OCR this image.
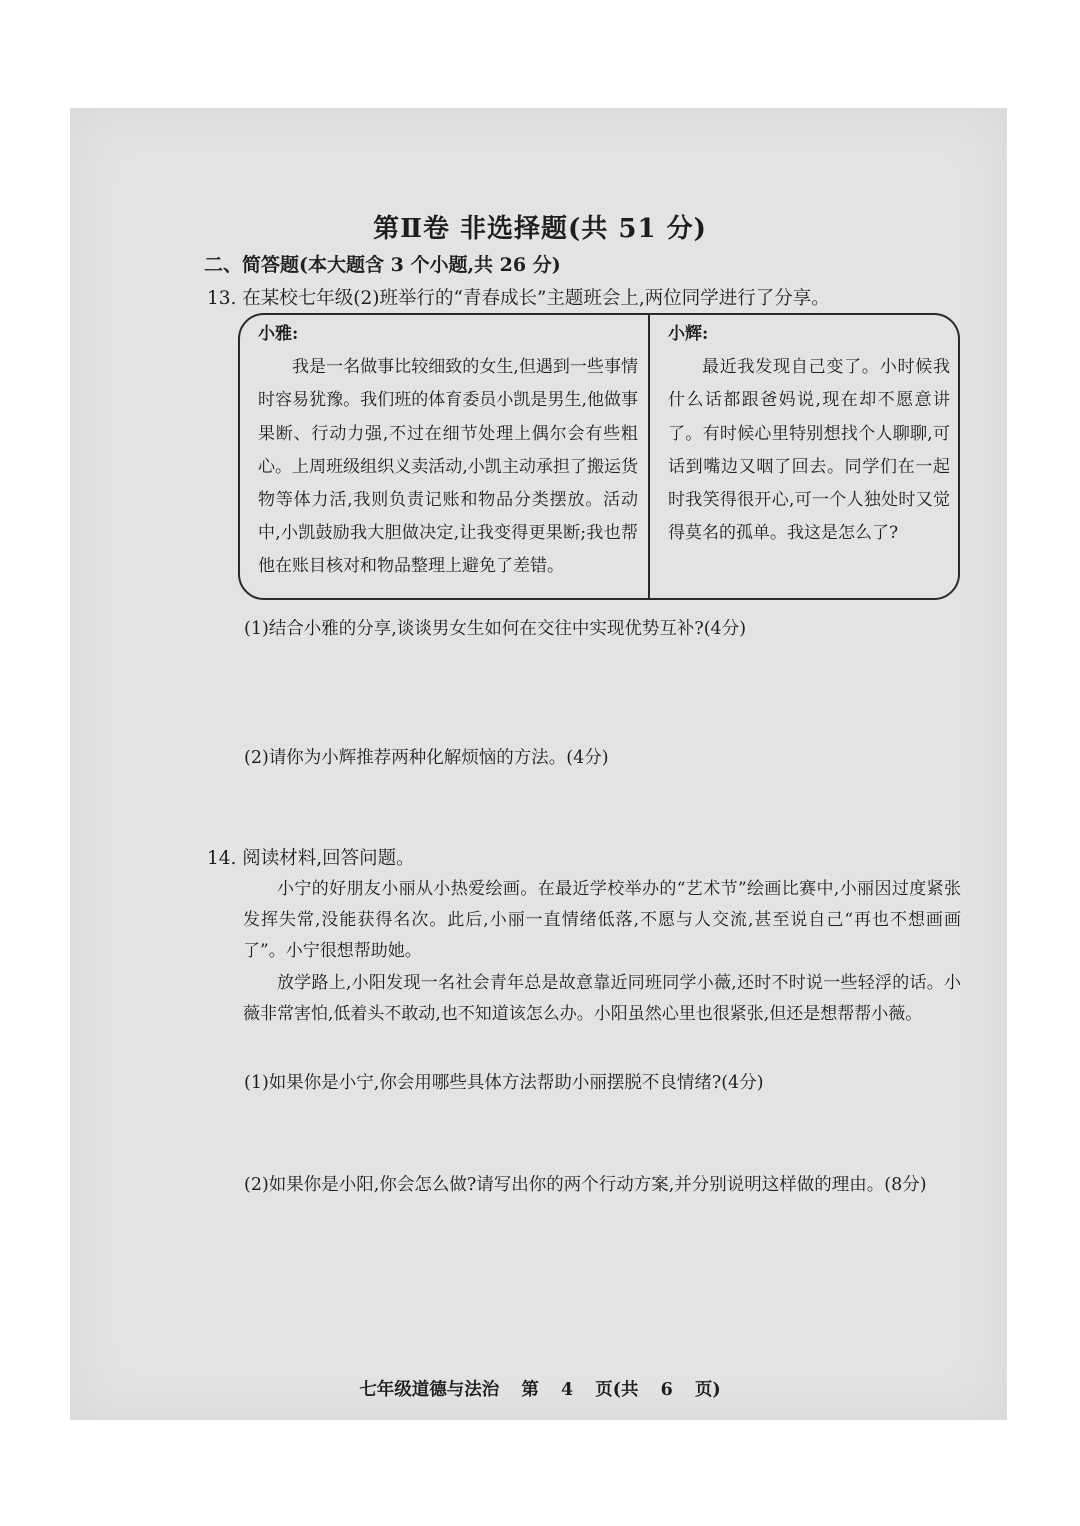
第Ⅱ卷 非选择题(共 51 分)
二、简答题(本大题含 3 个小题,共 26 分)
13. 在某校七年级(2)班举行的“青春成长”主题班会上,两位同学进行了分享。
小雅:
我是一名做事比较细致的女生,但遇到一些事情时容易犹豫。我们班的体育委员小凯是男生,他做事果断、行动力强,不过在细节处理上偶尔会有些粗心。上周班级组织义卖活动,小凯主动承担了搬运货物等体力活,我则负责记账和物品分类摆放。活动中,小凯鼓励我大胆做决定,让我变得更果断;我也帮他在账目核对和物品整理上避免了差错。
小辉:
最近我发现自己变了。小时候我什么话都跟爸妈说,现在却不愿意讲了。有时候心里特别想找个人聊聊,可话到嘴边又咽了回去。同学们在一起时我笑得很开心,可一个人独处时又觉得莫名的孤单。我这是怎么了?
(1)结合小雅的分享,谈谈男女生如何在交往中实现优势互补?(4分)
(2)请你为小辉推荐两种化解烦恼的方法。(4分)
14. 阅读材料,回答问题。
小宁的好朋友小丽从小热爱绘画。在最近学校举办的“艺术节”绘画比赛中,小丽因过度紧张发挥失常,没能获得名次。此后,小丽一直情绪低落,不愿与人交流,甚至说自己“再也不想画画了”。小宁很想帮助她。
放学路上,小阳发现一名社会青年总是故意靠近同班同学小薇,还时不时说一些轻浮的话。小薇非常害怕,低着头不敢动,也不知道该怎么办。小阳虽然心里也很紧张,但还是想帮帮小薇。
(1)如果你是小宁,你会用哪些具体方法帮助小丽摆脱不良情绪?(4分)
(2)如果你是小阳,你会怎么做?请写出你的两个行动方案,并分别说明这样做的理由。(8分)
七年级道德与法治 第 4 页(共 6 页)
